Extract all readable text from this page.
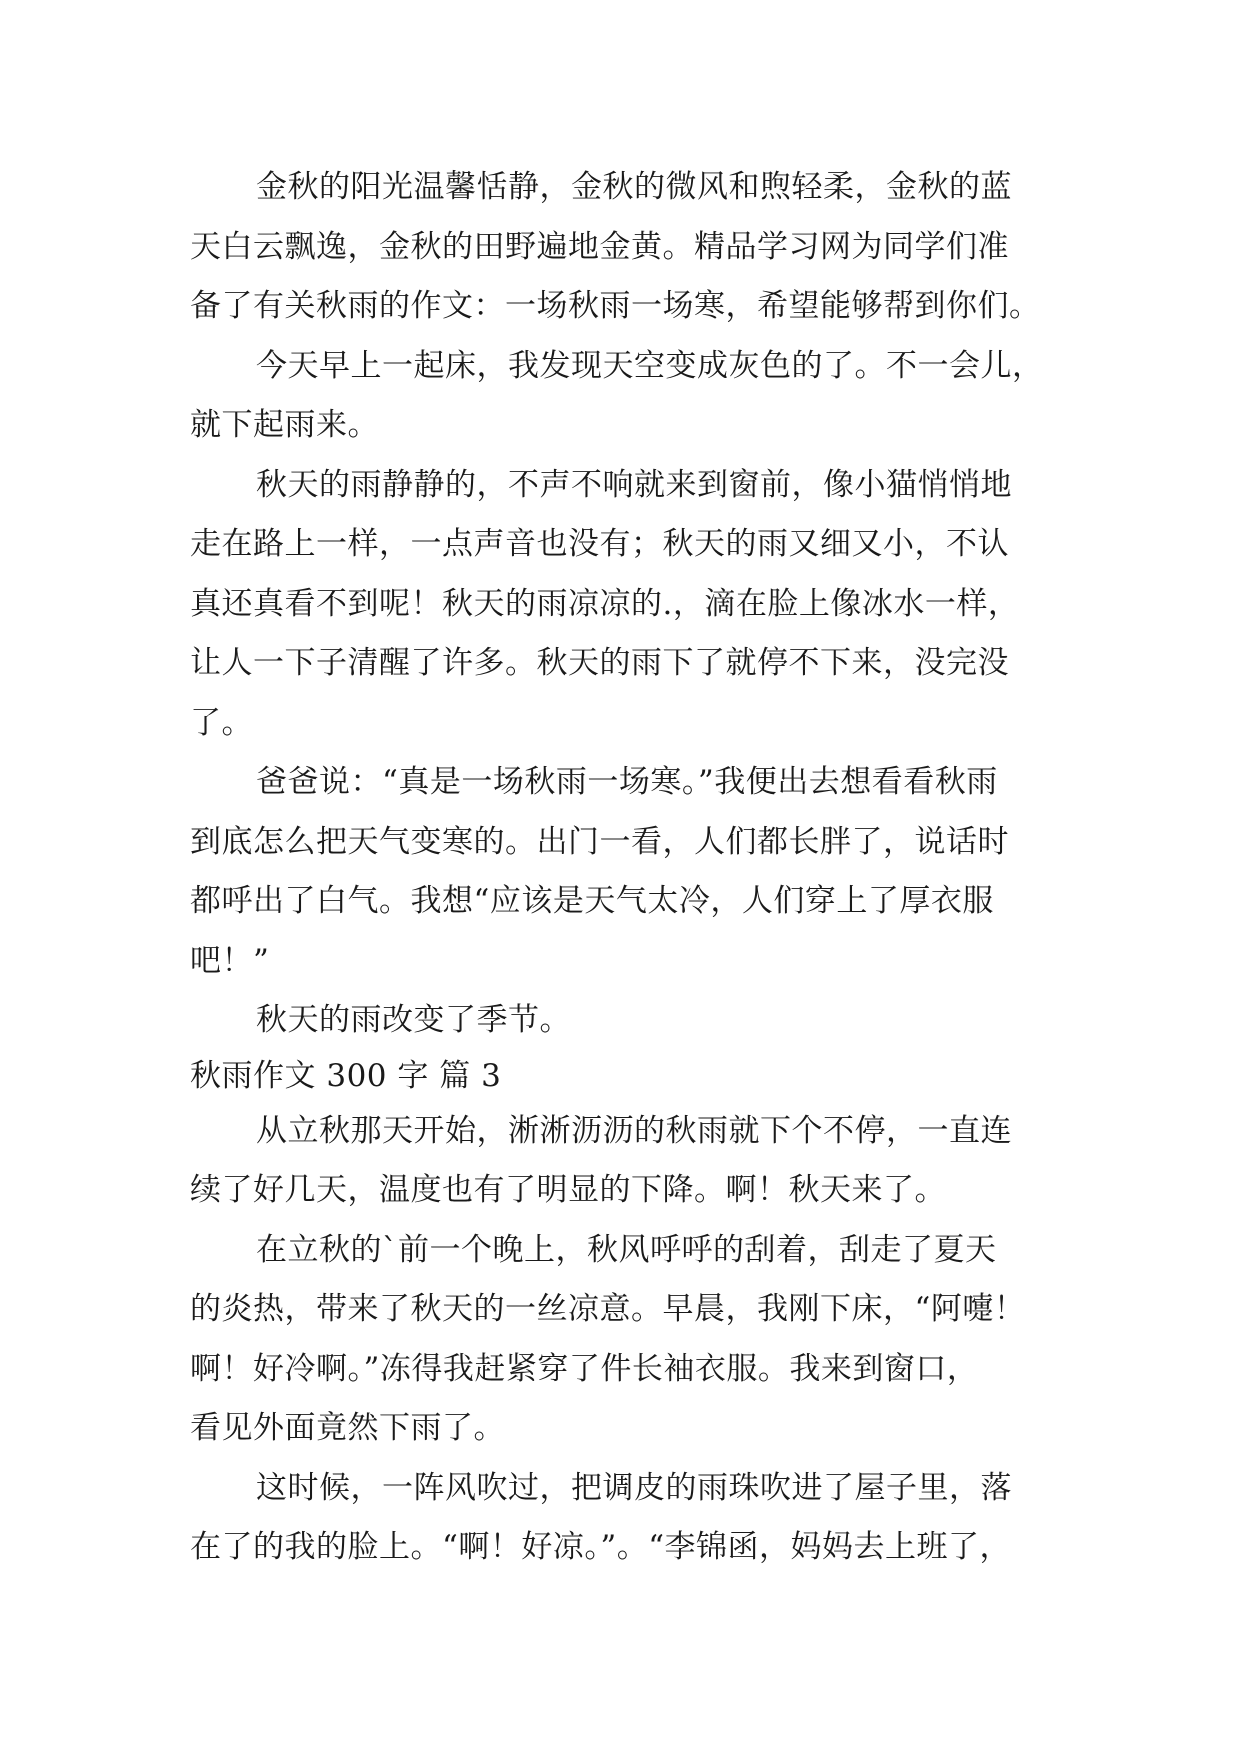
金秋的阳光温馨恬静，金秋的微风和煦轻柔，金秋的蓝
天白云飘逸，金秋的田野遍地金黄。精品学习网为同学们准
备了有关秋雨的作文：一场秋雨一场寒，希望能够帮到你们。
今天早上一起床，我发现天空变成灰色的了。不一会儿，
就下起雨来。
秋天的雨静静的，不声不响就来到窗前，像小猫悄悄地
走在路上一样，一点声音也没有；秋天的雨又细又小，不认
真还真看不到呢！秋天的雨凉凉的.，滴在脸上像冰水一样，
让人一下子清醒了许多。秋天的雨下了就停不下来，没完没
了。
爸爸说：“真是一场秋雨一场寒。”我便出去想看看秋雨
到底怎么把天气变寒的。出门一看，人们都长胖了，说话时
都呼出了白气。我想“应该是天气太冷，人们穿上了厚衣服
吧！”
秋天的雨改变了季节。
秋雨作文 300 字 篇 3
从立秋那天开始，淅淅沥沥的秋雨就下个不停，一直连
续了好几天，温度也有了明显的下降。啊！秋天来了。
在立秋的`前一个晚上，秋风呼呼的刮着，刮走了夏天
的炎热，带来了秋天的一丝凉意。早晨，我刚下床，“阿嚏！
啊！好冷啊。”冻得我赶紧穿了件长袖衣服。我来到窗口，
看见外面竟然下雨了。
这时候，一阵风吹过，把调皮的雨珠吹进了屋子里，落
在了的我的脸上。“啊！好凉。”。“李锦函，妈妈去上班了，
